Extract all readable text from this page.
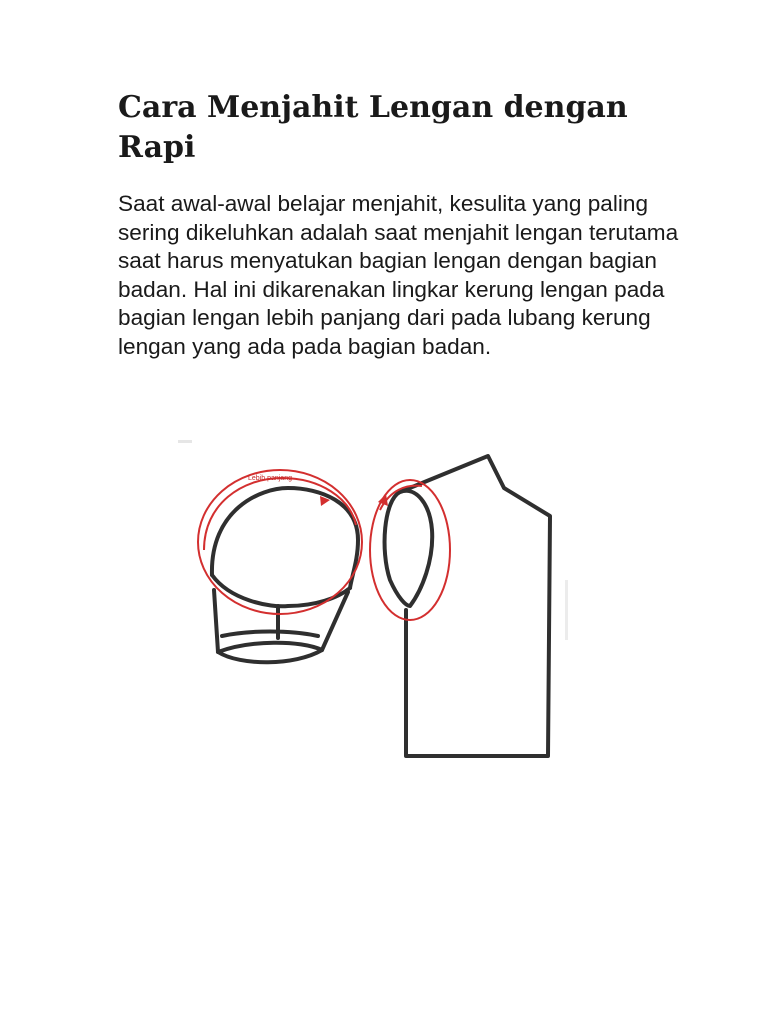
Cara Menjahit Lengan dengan Rapi

Saat awal-awal belajar menjahit, kesulita yang paling sering dikeluhkan adalah saat menjahit lengan terutama saat harus menyatukan bagian lengan dengan bagian badan. Hal ini dikarenakan lingkar kerung lengan pada bagian lengan lebih panjang dari pada lubang kerung lengan yang ada pada bagian badan.

Lebih panjang
